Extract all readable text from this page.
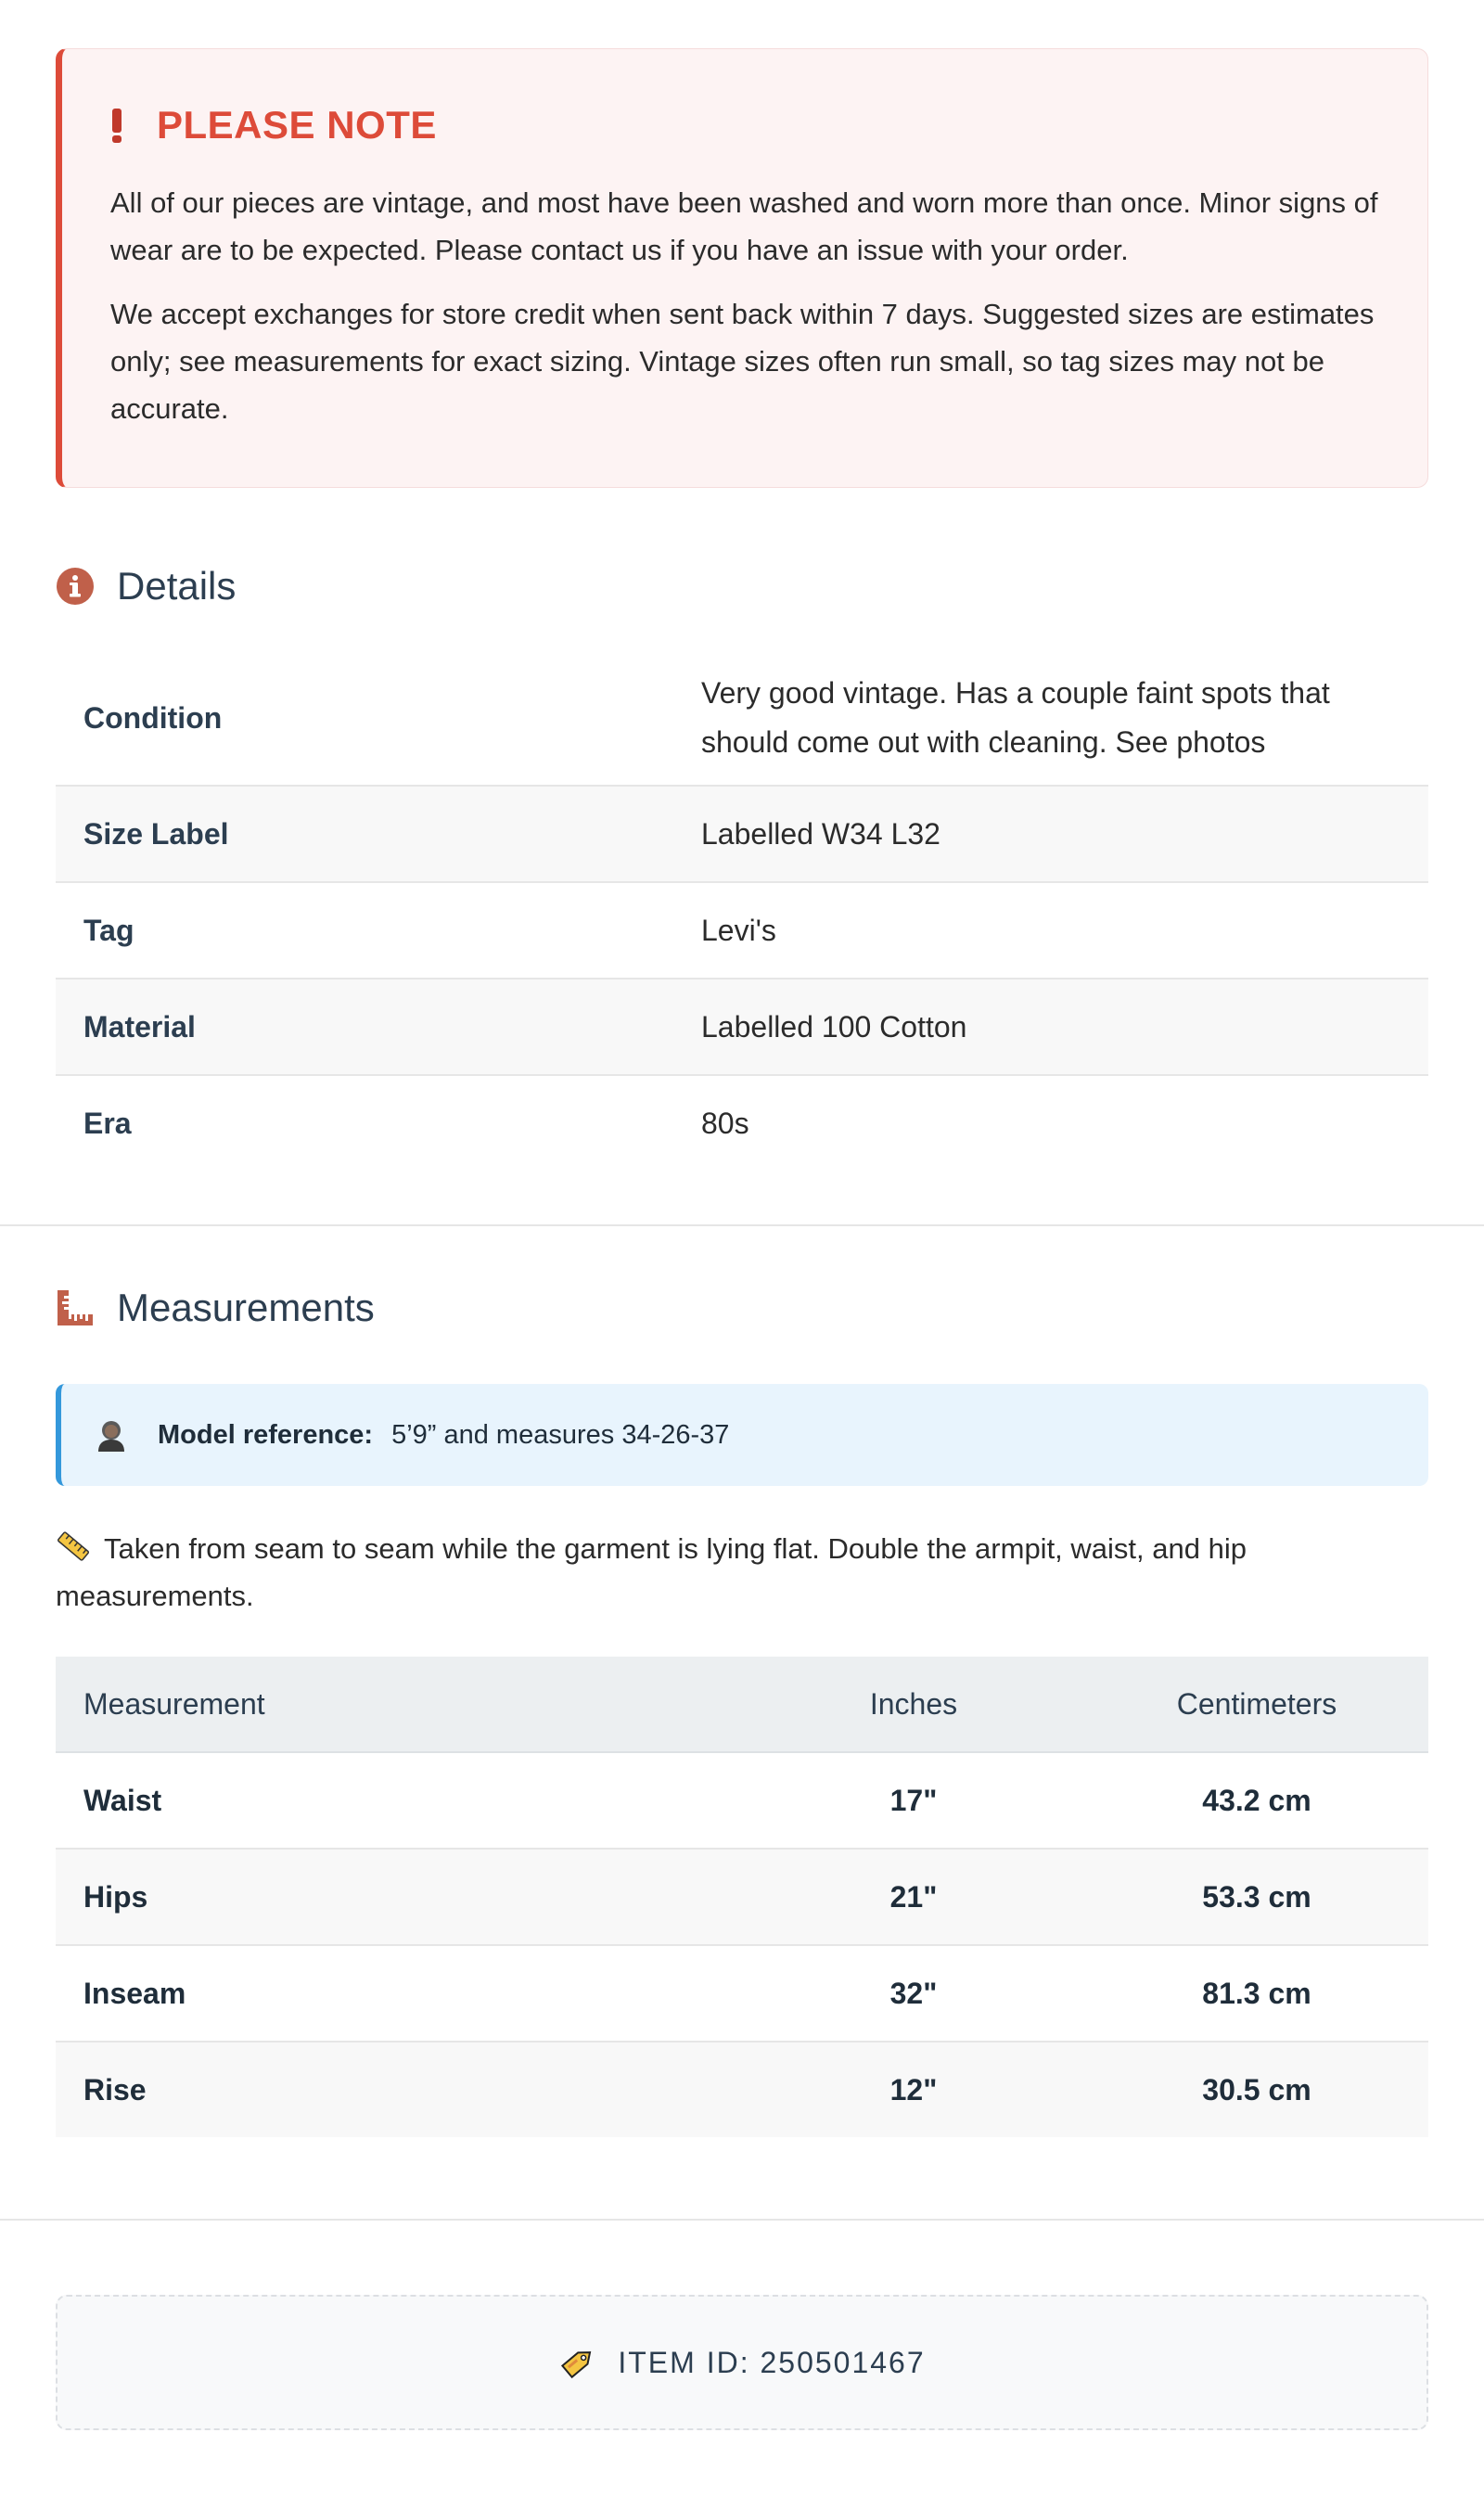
PLEASE NOTE

All of our pieces are vintage, and most have been washed and worn more than once. Minor signs of wear are to be expected. Please contact us if you have an issue with your order.

We accept exchanges for store credit when sent back within 7 days. Suggested sizes are estimates only; see measurements for exact sizing. Vintage sizes often run small, so tag sizes may not be accurate.

Details
Condition	Very good vintage. Has a couple faint spots that should come out with cleaning. See photos
Size Label	Labelled W34 L32
Tag	Levi's
Material	Labelled 100 Cotton
Era	80s
Measurements
Model reference: 5’9” and measures 34-26-37
Taken from seam to seam while the garment is lying flat. Double the armpit, waist, and hip measurements.
Measurement	Inches	Centimeters
Waist	17"	43.2 cm
Hips	21"	53.3 cm
Inseam	32"	81.3 cm
Rise	12"	30.5 cm
ITEM ID: 250501467
